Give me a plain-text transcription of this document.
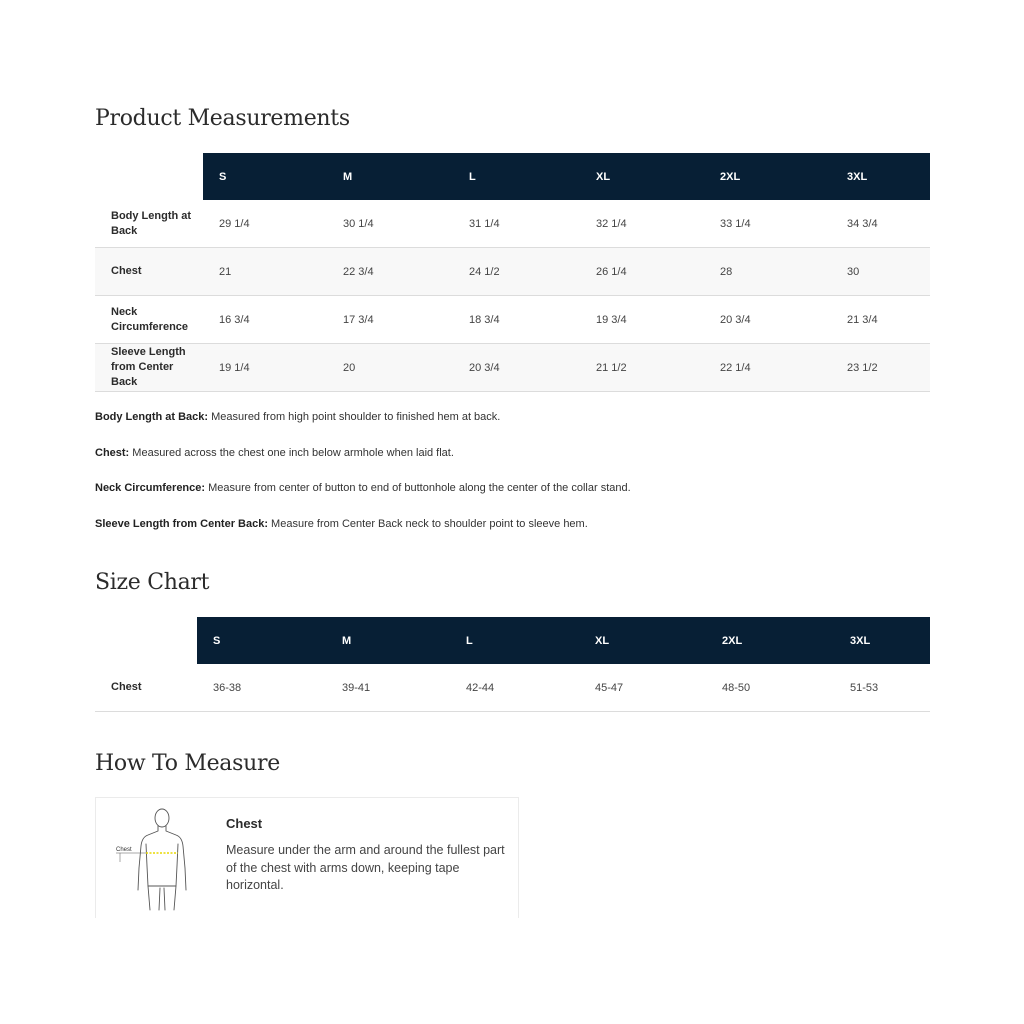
Product Measurements
	S	M	L	XL	2XL	3XL
Body Length at Back	29 1/4	30 1/4	31 1/4	32 1/4	33 1/4	34 3/4
Chest	21	22 3/4	24 1/2	26 1/4	28	30
Neck Circumference	16 3/4	17 3/4	18 3/4	19 3/4	20 3/4	21 3/4
Sleeve Length from Center Back	19 1/4	20	20 3/4	21 1/2	22 1/4	23 1/2

Body Length at Back: Measured from high point shoulder to finished hem at back.

Chest: Measured across the chest one inch below armhole when laid flat.

Neck Circumference: Measure from center of button to end of buttonhole along the center of the collar stand.

Sleeve Length from Center Back: Measure from Center Back neck to shoulder point to sleeve hem.

Size Chart
	S	M	L	XL	2XL	3XL
Chest	36-38	39-41	42-44	45-47	48-50	51-53
How To Measure
Chest
Chest
Measure under the arm and around the fullest part of the chest with arms down, keeping tape horizontal.
